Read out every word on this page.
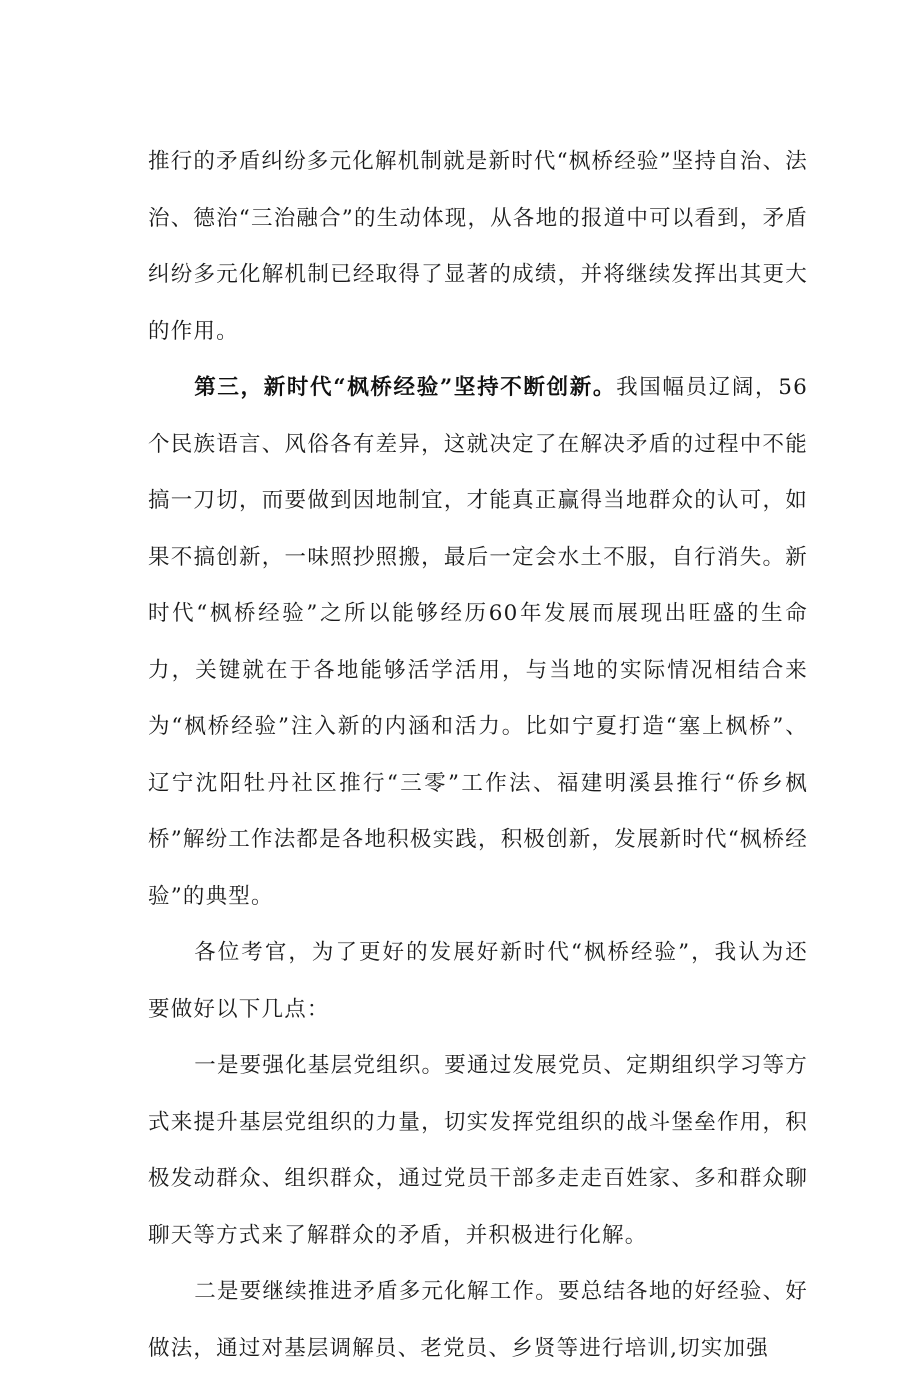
推行的矛盾纠纷多元化解机制就是新时代“枫桥经验”坚持自治、法治、德治“三治融合”的生动体现，从各地的报道中可以看到，矛盾纠纷多元化解机制已经取得了显著的成绩，并将继续发挥出其更大的作用。

第三，新时代“枫桥经验”坚持不断创新。我国幅员辽阔，56个民族语言、风俗各有差异，这就决定了在解决矛盾的过程中不能搞一刀切，而要做到因地制宜，才能真正赢得当地群众的认可，如果不搞创新，一味照抄照搬，最后一定会水土不服，自行消失。新时代“枫桥经验”之所以能够经历60年发展而展现出旺盛的生命力，关键就在于各地能够活学活用，与当地的实际情况相结合来为“枫桥经验”注入新的内涵和活力。比如宁夏打造“塞上枫桥”、辽宁沈阳牡丹社区推行“三零”工作法、福建明溪县推行“侨乡枫桥”解纷工作法都是各地积极实践，积极创新，发展新时代“枫桥经验”的典型。

各位考官，为了更好的发展好新时代“枫桥经验”，我认为还要做好以下几点：

一是要强化基层党组织。要通过发展党员、定期组织学习等方式来提升基层党组织的力量，切实发挥党组织的战斗堡垒作用，积极发动群众、组织群众，通过党员干部多走走百姓家、多和群众聊聊天等方式来了解群众的矛盾，并积极进行化解。

二是要继续推进矛盾多元化解工作。要总结各地的好经验、好做法，通过对基层调解员、老党员、乡贤等进行培训,切实加强
